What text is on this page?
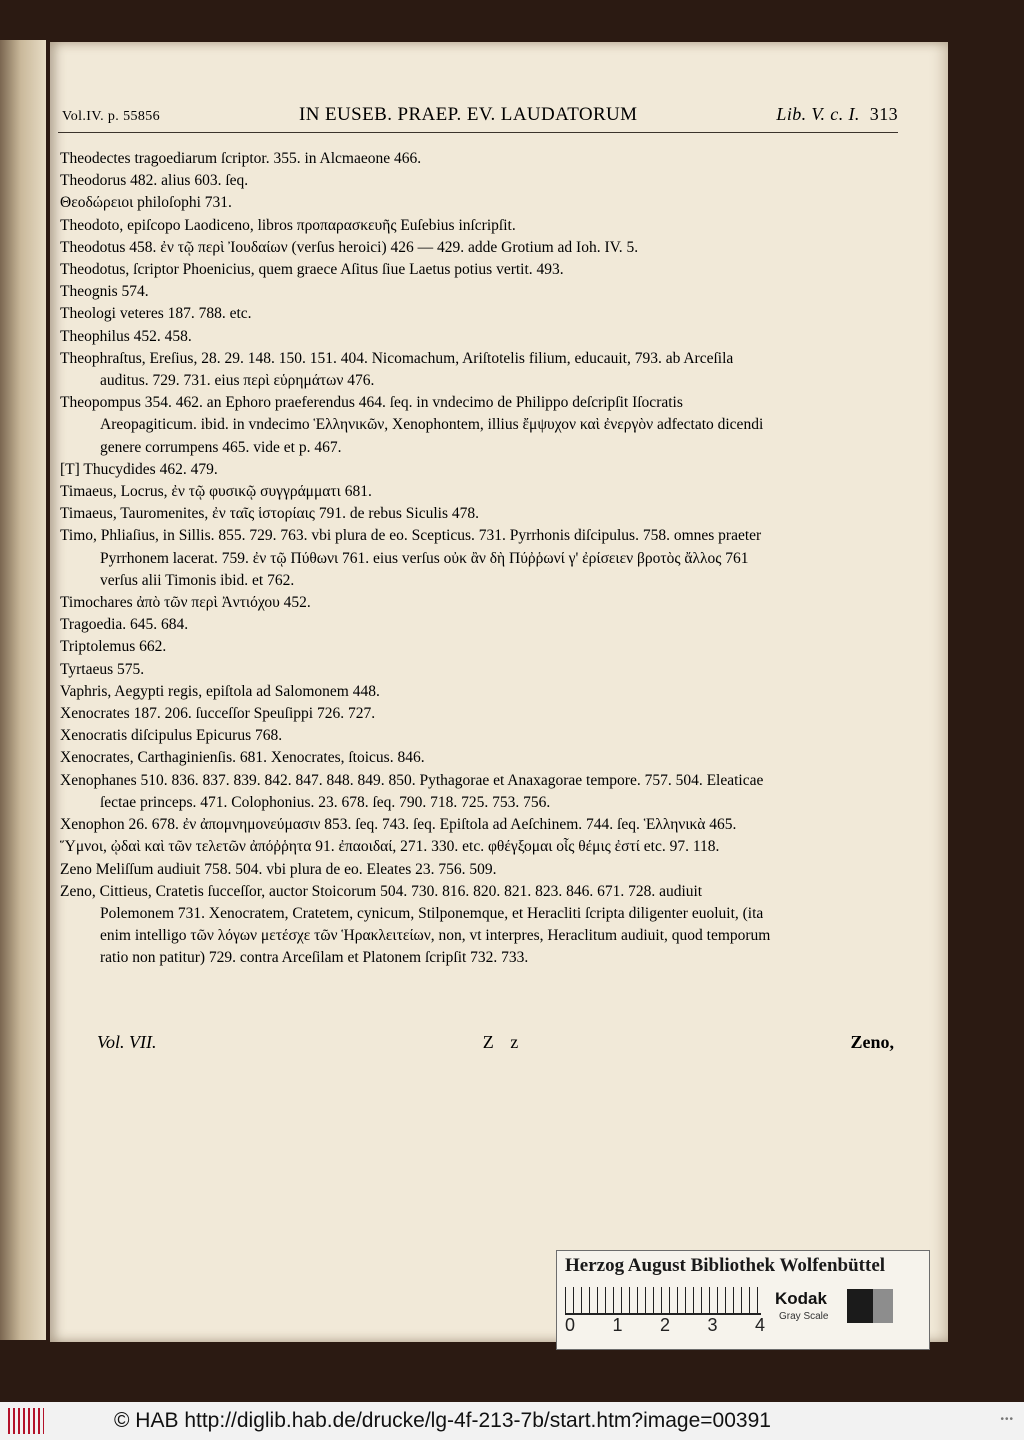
Vol.IV. p. 55856	IN EUSEB. PRAEP. EV. LAUDATORUM	Lib. V. c. I. 313

Theodectes tragoediarum ſcriptor. 355. in Alcmaeone 466.

Theodorus 482. alius 603. ſeq.

Θεοδώρειοι philoſophi 731.

Theodoto, epiſcopo Laodiceno, libros προπαρασκευῆς Euſebius inſcripſit.

Theodotus 458. ἐν τῷ περὶ Ἰουδαίων (verſus heroici) 426 — 429. adde Grotium ad Ioh. IV. 5.

Theodotus, ſcriptor Phoenicius, quem graece Aſitus ſiue Laetus potius vertit. 493.

Theognis 574.

Theologi veteres 187. 788. etc.

Theophilus 452. 458.

Theophraſtus, Ereſius, 28. 29. 148. 150. 151. 404. Nicomachum, Ariſtotelis filium, educauit, 793. ab Arceſila auditus. 729. 731. eius περὶ εὑρημάτων 476.

Theopompus 354. 462. an Ephoro praeferendus 464. ſeq. in vndecimo de Philippo deſcripſit Iſocratis Areopagiticum. ibid. in vndecimo Ἑλληνικῶν, Xenophontem, illius ἔμψυχον καὶ ἐνεργὸν adfectato dicendi genere corrumpens 465. vide et p. 467.

[T] Thucydides 462. 479.

Timaeus, Locrus, ἐν τῷ φυσικῷ συγγράμματι 681.

Timaeus, Tauromenites, ἐν ταῖς ἱστορίαις 791. de rebus Siculis 478.

Timo, Phliaſius, in Sillis. 855. 729. 763. vbi plura de eo. Scepticus. 731. Pyrrhonis diſcipulus. 758. omnes praeter Pyrrhonem lacerat. 759. ἐν τῷ Πύθωνι 761. eius verſus οὐκ ἂν δὴ Πύῤῥωνί γ' ἐρίσειεν βροτὸς ἄλλος 761 verſus alii Timonis ibid. et 762.

Timochares ἀπὸ τῶν περὶ Ἀντιόχου 452.

Tragoedia. 645. 684.

Triptolemus 662.

Tyrtaeus 575.

Vaphris, Aegypti regis, epiſtola ad Salomonem 448.

Xenocrates 187. 206. ſucceſſor Speuſippi 726. 727.

Xenocratis diſcipulus Epicurus 768.

Xenocrates, Carthaginienſis. 681. Xenocrates, ſtoicus. 846.

Xenophanes 510. 836. 837. 839. 842. 847. 848. 849. 850. Pythagorae et Anaxagorae tempore. 757. 504. Eleaticae ſectae princeps. 471. Colophonius. 23. 678. ſeq. 790. 718. 725. 753. 756.

Xenophon 26. 678. ἐν ἀπομνημονεύμασιν 853. ſeq. 743. ſeq. Epiſtola ad Aeſchinem. 744. ſeq. Ἑλληνικὰ 465.

Ὕμνοι, ᾠδαὶ καὶ τῶν τελετῶν ἀπόῤῥητα 91. ἐπαοιδαί, 271. 330. etc. φθέγξομαι οἷς θέμις ἐστί etc. 97. 118.

Zeno Meliſſum audiuit 758. 504. vbi plura de eo. Eleates 23. 756. 509.

Zeno, Cittieus, Cratetis ſucceſſor, auctor Stoicorum 504. 730. 816. 820. 821. 823. 846. 671. 728. audiuit Polemonem 731. Xenocratem, Cratetem, cynicum, Stilponemque, et Heracliti ſcripta diligenter euoluit, (ita enim intelligo τῶν λόγων μετέσχε τῶν Ἡρακλειτείων, non, vt interpres, Heraclitum audiuit, quod temporum ratio non patitur) 729. contra Arceſilam et Platonem ſcripſit 732. 733.

Vol. VII.	Z z	Zeno,
Herzog August Bibliothek Wolfenbüttel
0 1 2 3 4
Kodak
Gray Scale
© HAB http://diglib.hab.de/drucke/lg-4f-213-7b/start.htm?image=00391	•••
